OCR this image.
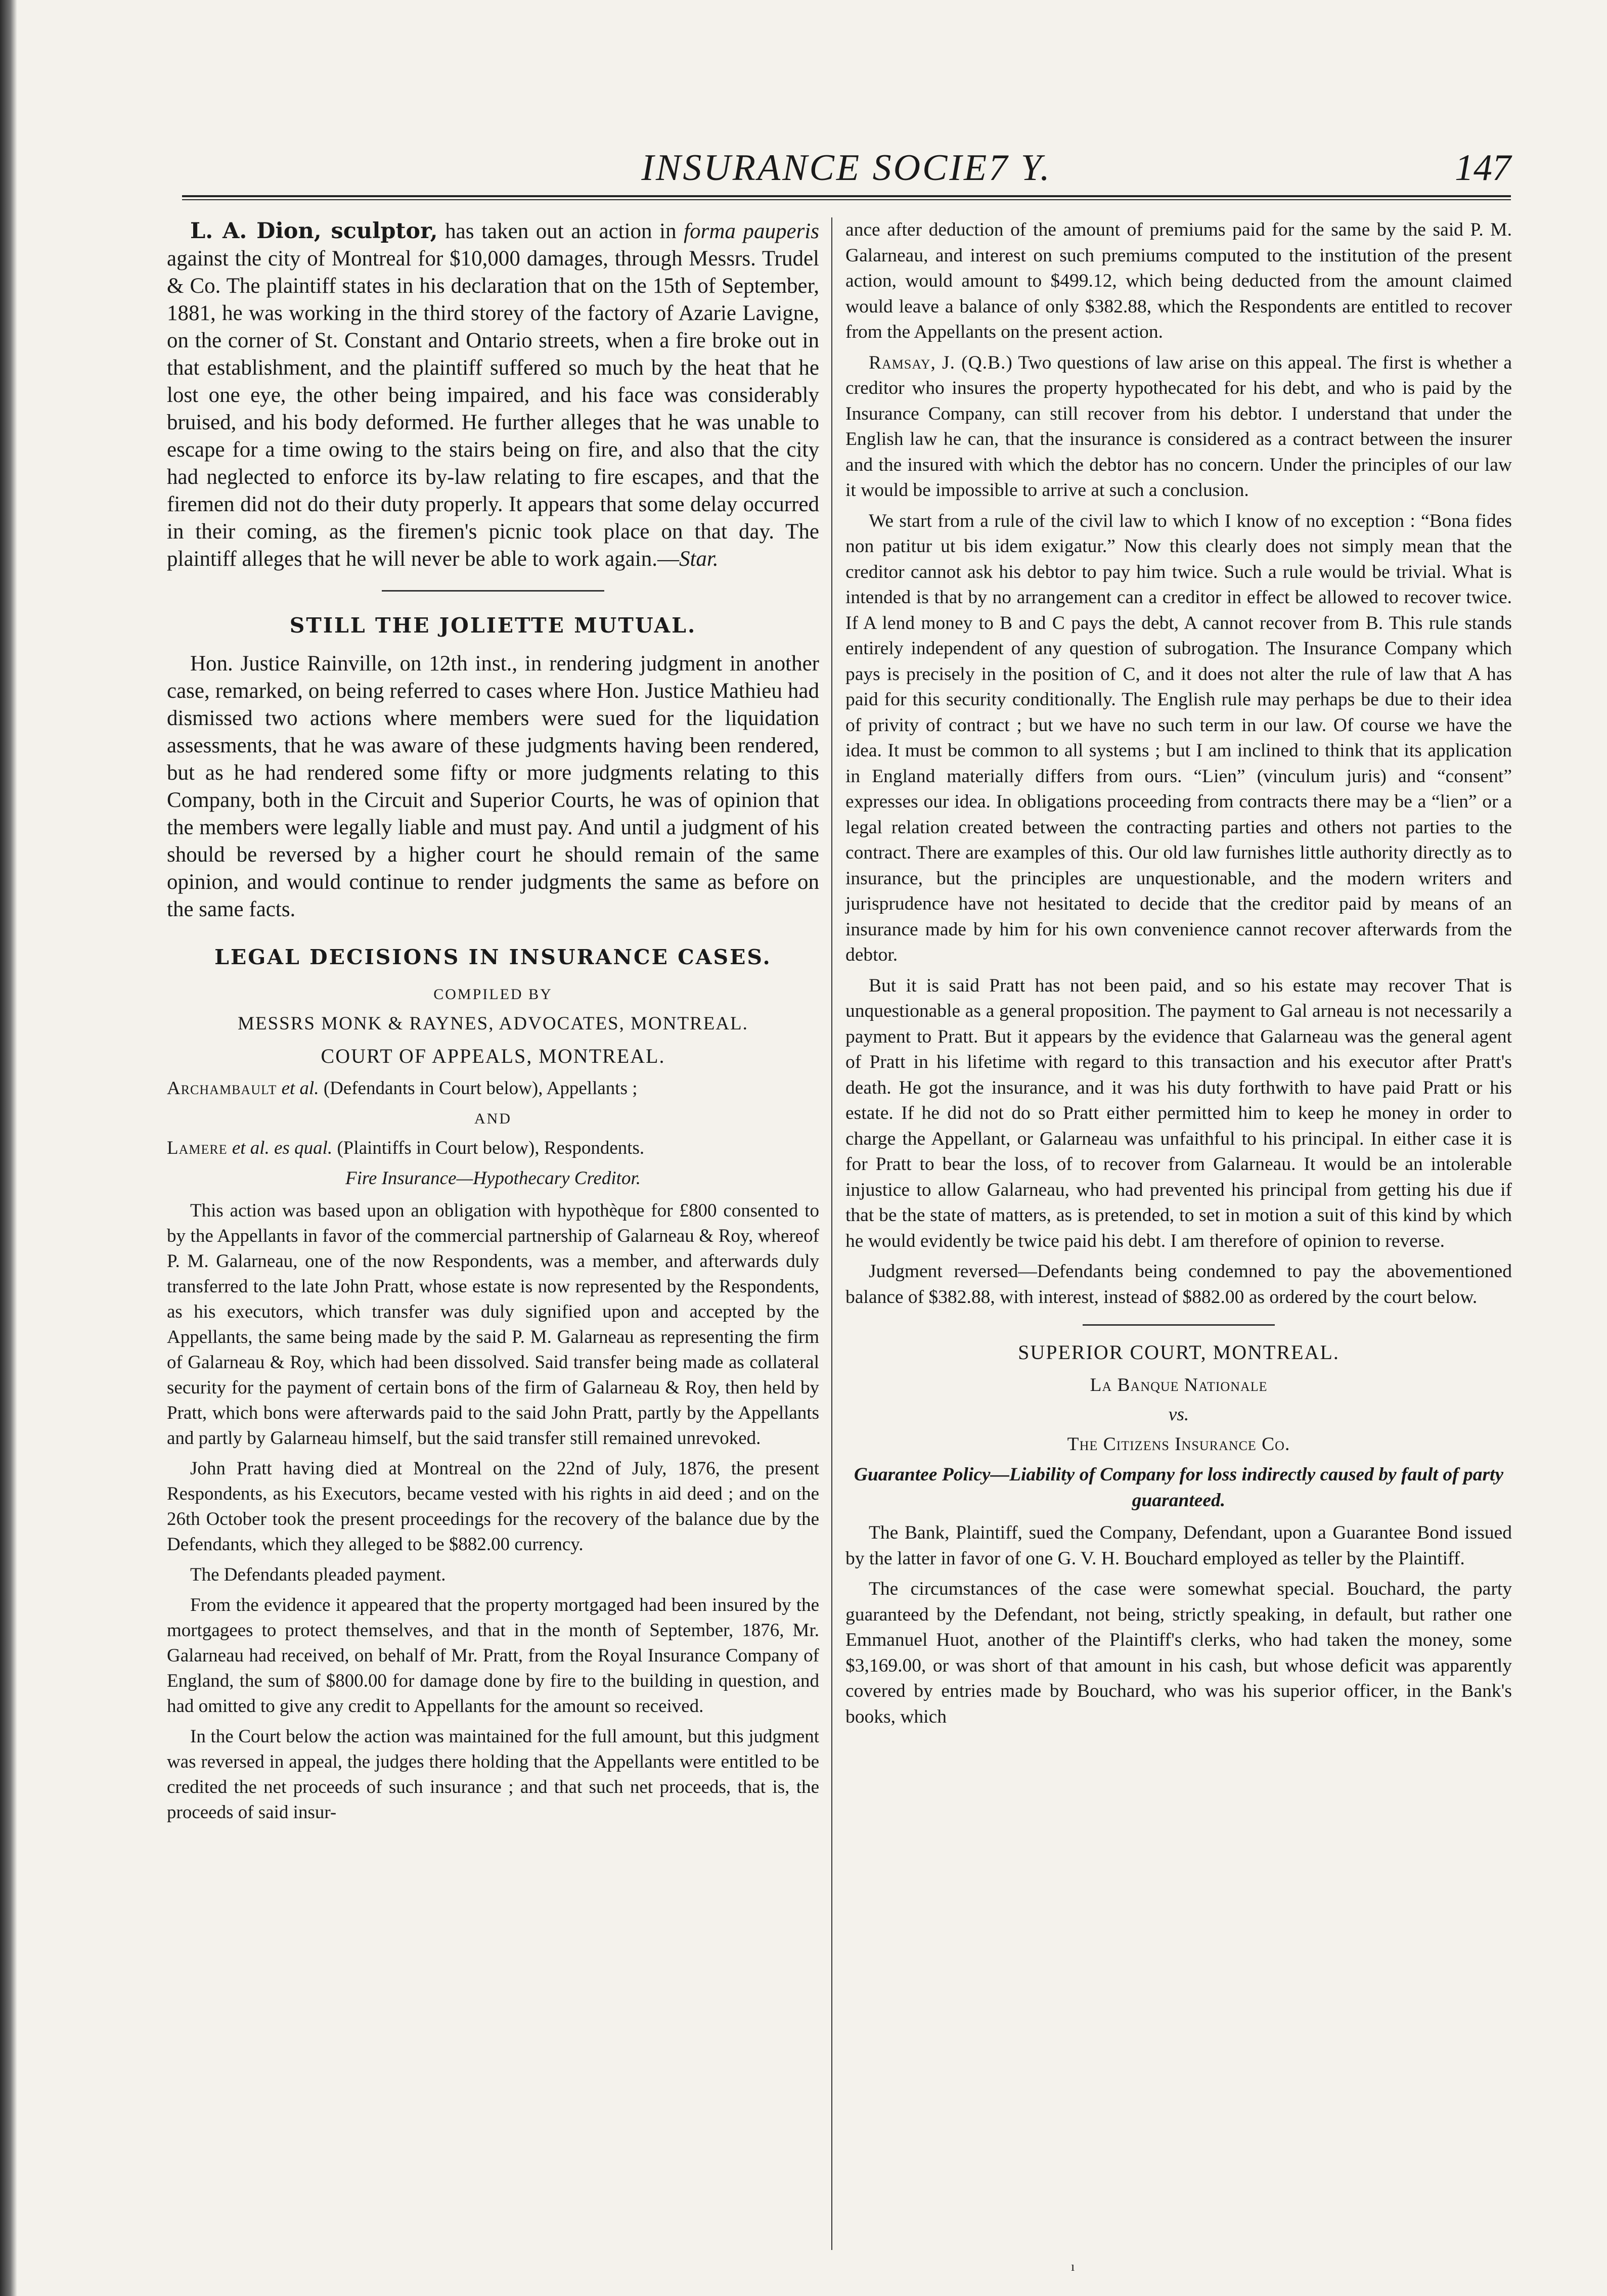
INSURANCE SOCIE7 Y.	147

L. A. Dion, sculptor, has taken out an action in forma pauperis against the city of Montreal for $10,000 damages, through Messrs. Trudel & Co. The plaintiff states in his declaration that on the 15th of September, 1881, he was working in the third storey of the factory of Azarie Lavigne, on the corner of St. Constant and Ontario streets, when a fire broke out in that establishment, and the plaintiff suffered so much by the heat that he lost one eye, the other being impaired, and his face was considerably bruised, and his body deformed. He further alleges that he was unable to escape for a time owing to the stairs being on fire, and also that the city had neglected to enforce its by-law relating to fire escapes, and that the firemen did not do their duty properly. It appears that some delay occurred in their coming, as the firemen's picnic took place on that day. The plaintiff alleges that he will never be able to work again.—Star.

STILL THE JOLIETTE MUTUAL.

Hon. Justice Rainville, on 12th inst., in rendering judgment in another case, remarked, on being referred to cases where Hon. Justice Mathieu had dismissed two actions where members were sued for the liquidation assessments, that he was aware of these judgments having been rendered, but as he had rendered some fifty or more judgments relating to this Company, both in the Circuit and Superior Courts, he was of opinion that the members were legally liable and must pay. And until a judgment of his should be reversed by a higher court he should remain of the same opinion, and would continue to render judgments the same as before on the same facts.

LEGAL DECISIONS IN INSURANCE CASES.

COMPILED BY

MESSRS MONK & RAYNES, ADVOCATES, MONTREAL.

COURT OF APPEALS, MONTREAL.

Archambault et al. (Defendants in Court below), Appellants ;

AND

Lamere et al. es qual. (Plaintiffs in Court below), Respondents.

Fire Insurance—Hypothecary Creditor.

This action was based upon an obligation with hypothèque for £800 consented to by the Appellants in favor of the commercial partnership of Galarneau & Roy, whereof P. M. Galarneau, one of the now Respondents, was a member, and afterwards duly transferred to the late John Pratt, whose estate is now represented by the Respondents, as his executors, which transfer was duly signified upon and accepted by the Appellants, the same being made by the said P. M. Galarneau as representing the firm of Galarneau & Roy, which had been dissolved. Said transfer being made as collateral security for the payment of certain bons of the firm of Galarneau & Roy, then held by Pratt, which bons were afterwards paid to the said John Pratt, partly by the Appellants and partly by Galarneau himself, but the said transfer still remained unrevoked.

John Pratt having died at Montreal on the 22nd of July, 1876, the present Respondents, as his Executors, became vested with his rights in aid deed ; and on the 26th October took the present proceedings for the recovery of the balance due by the Defendants, which they alleged to be $882.00 currency.

The Defendants pleaded payment.

From the evidence it appeared that the property mortgaged had been insured by the mortgagees to protect themselves, and that in the month of September, 1876, Mr. Galarneau had received, on behalf of Mr. Pratt, from the Royal Insurance Company of England, the sum of $800.00 for damage done by fire to the building in question, and had omitted to give any credit to Appellants for the amount so received.

In the Court below the action was maintained for the full amount, but this judgment was reversed in appeal, the judges there holding that the Appellants were entitled to be credited the net proceeds of such insurance ; and that such net proceeds, that is, the proceeds of said insur-

ance after deduction of the amount of premiums paid for the same by the said P. M. Galarneau, and interest on such premiums computed to the institution of the present action, would amount to $499.12, which being deducted from the amount claimed would leave a balance of only $382.88, which the Respondents are entitled to recover from the Appellants on the present action.

Ramsay, J. (Q.B.) Two questions of law arise on this appeal. The first is whether a creditor who insures the property hypothecated for his debt, and who is paid by the Insurance Company, can still recover from his debtor. I understand that under the English law he can, that the insurance is considered as a contract between the insurer and the insured with which the debtor has no concern. Under the principles of our law it would be impossible to arrive at such a conclusion.

We start from a rule of the civil law to which I know of no exception : “Bona fides non patitur ut bis idem exigatur.” Now this clearly does not simply mean that the creditor cannot ask his debtor to pay him twice. Such a rule would be trivial. What is intended is that by no arrangement can a creditor in effect be allowed to recover twice. If A lend money to B and C pays the debt, A cannot recover from B. This rule stands entirely independent of any question of subrogation. The Insurance Company which pays is precisely in the position of C, and it does not alter the rule of law that A has paid for this security conditionally. The English rule may perhaps be due to their idea of privity of contract ; but we have no such term in our law. Of course we have the idea. It must be common to all systems ; but I am inclined to think that its application in England materially differs from ours. “Lien” (vinculum juris) and “consent” expresses our idea. In obligations proceeding from contracts there may be a “lien” or a legal relation created between the contracting parties and others not parties to the contract. There are examples of this. Our old law furnishes little authority directly as to insurance, but the principles are unquestionable, and the modern writers and jurisprudence have not hesitated to decide that the creditor paid by means of an insurance made by him for his own convenience cannot recover afterwards from the debtor.

But it is said Pratt has not been paid, and so his estate may recover That is unquestionable as a general proposition. The payment to Gal arneau is not necessarily a payment to Pratt. But it appears by the evidence that Galarneau was the general agent of Pratt in his lifetime with regard to this transaction and his executor after Pratt's death. He got the insurance, and it was his duty forthwith to have paid Pratt or his estate. If he did not do so Pratt either permitted him to keep he money in order to charge the Appellant, or Galarneau was unfaithful to his principal. In either case it is for Pratt to bear the loss, of to recover from Galarneau. It would be an intolerable injustice to allow Galarneau, who had prevented his principal from getting his due if that be the state of matters, as is pretended, to set in motion a suit of this kind by which he would evidently be twice paid his debt. I am therefore of opinion to reverse.

Judgment reversed—Defendants being condemned to pay the abovementioned balance of $382.88, with interest, instead of $882.00 as ordered by the court below.

SUPERIOR COURT, MONTREAL.

La Banque Nationale

vs.

The Citizens Insurance Co.

Guarantee Policy—Liability of Company for loss indirectly caused by fault of party guaranteed.

The Bank, Plaintiff, sued the Company, Defendant, upon a Guarantee Bond issued by the latter in favor of one G. V. H. Bouchard employed as teller by the Plaintiff.

The circumstances of the case were somewhat special. Bouchard, the party guaranteed by the Defendant, not being, strictly speaking, in default, but rather one Emmanuel Huot, another of the Plaintiff's clerks, who had taken the money, some $3,169.00, or was short of that amount in his cash, but whose deficit was apparently covered by entries made by Bouchard, who was his superior officer, in the Bank's books, which

ı
